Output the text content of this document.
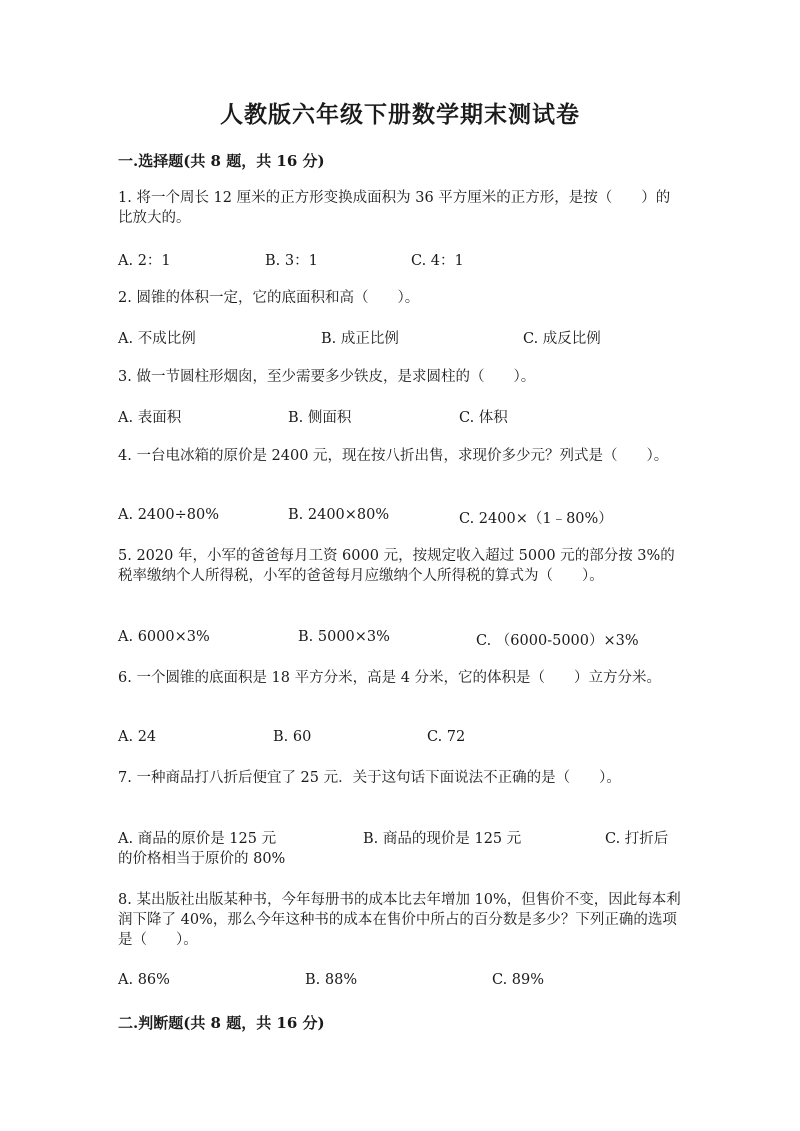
人教版六年级下册数学期末测试卷
一.选择题(共 8 题，共 16 分)
1. 将一个周长 12 厘米的正方形变换成面积为 36 平方厘米的正方形，是按（　　）的比放大的。
A. 2：1	B. 3：1	C. 4：1
2. 圆锥的体积一定，它的底面积和高（　　）。
A. 不成比例	B. 成正比例	C. 成反比例
3. 做一节圆柱形烟囱，至少需要多少铁皮，是求圆柱的（　　）。
A. 表面积	B. 侧面积	C. 体积
4. 一台电冰箱的原价是 2400 元，现在按八折出售，求现价多少元？列式是（　　）。
A. 2400÷80%	B. 2400×80%	C. 2400×（1﹣80%）
5. 2020 年，小军的爸爸每月工资 6000 元，按规定收入超过 5000 元的部分按 3%的税率缴纳个人所得税，小军的爸爸每月应缴纳个人所得税的算式为（　　）。
A. 6000×3%	B. 5000×3%	C. （6000-5000）×3%
6. 一个圆锥的底面积是 18 平方分米，高是 4 分米，它的体积是（　　）立方分米。
A. 24	B. 60	C. 72
7. 一种商品打八折后便宜了 25 元．关于这句话下面说法不正确的是（　　）。
A. 商品的原价是 125 元	B. 商品的现价是 125 元	C. 打折后
的价格相当于原价的 80%
8. 某出版社出版某种书，今年每册书的成本比去年增加 10%，但售价不变，因此每本利润下降了 40%，那么今年这种书的成本在售价中所占的百分数是多少？下列正确的选项是（　　）。
A. 86%	B. 88%	C. 89%
二.判断题(共 8 题，共 16 分)
